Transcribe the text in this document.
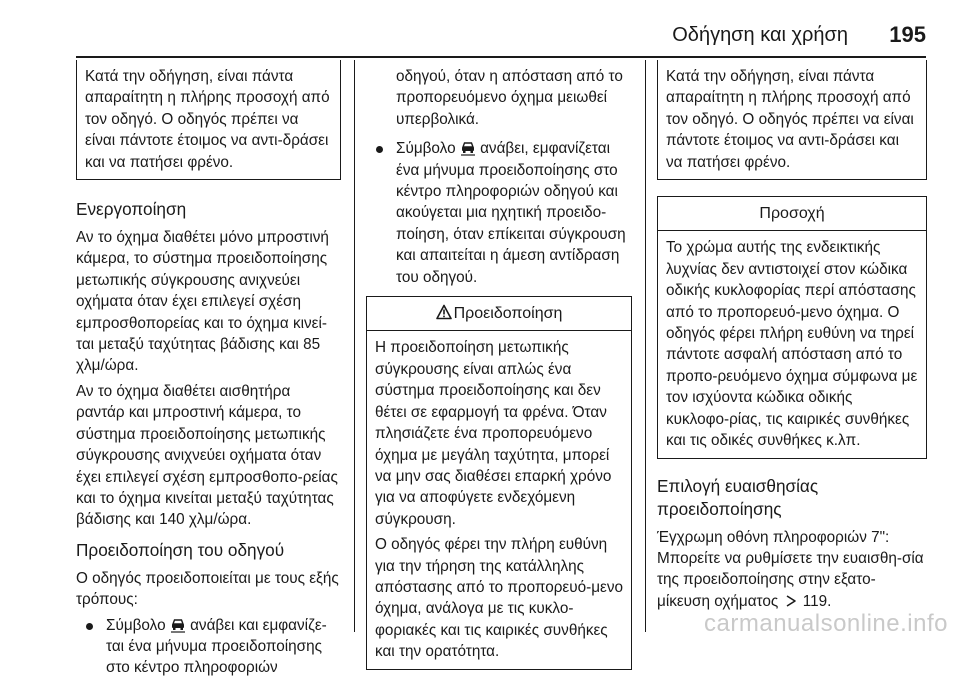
Οδήγηση και χρήση 195
Κατά την οδήγηση, είναι πάντα απαραίτητη η πλήρης προσοχή από τον οδηγό. Ο οδηγός πρέπει να είναι πάντοτε έτοιμος να αντι-δράσει και να πατήσει φρένο.
Ενεργοποίηση

Αν το όχημα διαθέτει μόνο μπροστινή κάμερα, το σύστημα προειδοποίησης μετωπικής σύγκρουσης ανιχνεύει οχήματα όταν έχει επιλεγεί σχέση εμπροσθοπορείας και το όχημα κινεί-ται μεταξύ ταχύτητας βάδισης και 85 χλμ/ώρα.

Αν το όχημα διαθέτει αισθητήρα ραντάρ και μπροστινή κάμερα, το σύστημα προειδοποίησης μετωπικής σύγκρουσης ανιχνεύει οχήματα όταν έχει επιλεγεί σχέση εμπροσθοπο-ρείας και το όχημα κινείται μεταξύ ταχύτητας βάδισης και 140 χλμ/ώρα.

Προειδοποίηση του οδηγού

Ο οδηγός προειδοποιείται με τους εξής τρόπους:

Σύμβολο ανάβει και εμφανίζε-ται ένα μήνυμα προειδοποίησης στο κέντρο πληροφοριών
οδηγού, όταν η απόσταση από το προπορευόμενο όχημα μειωθεί υπερβολικά.
Σύμβολο ανάβει, εμφανίζεται ένα μήνυμα προειδοποίησης στο κέντρο πληροφοριών οδηγού και ακούγεται μια ηχητική προειδο-ποίηση, όταν επίκειται σύγκρουση και απαιτείται η άμεση αντίδραση του οδηγού.
Προειδοποίηση

Η προειδοποίηση μετωπικής σύγκρουσης είναι απλώς ένα σύστημα προειδοποίησης και δεν θέτει σε εφαρμογή τα φρένα. Όταν πλησιάζετε ένα προπορευόμενο όχημα με μεγάλη ταχύτητα, μπορεί να μην σας διαθέσει επαρκή χρόνο για να αποφύγετε ενδεχόμενη σύγκρουση.

Ο οδηγός φέρει την πλήρη ευθύνη για την τήρηση της κατάλληλης απόστασης από το προπορευό-μενο όχημα, ανάλογα με τις κυκλο-φοριακές και τις καιρικές συνθήκες και την ορατότητα.

Κατά την οδήγηση, είναι πάντα απαραίτητη η πλήρης προσοχή από τον οδηγό. Ο οδηγός πρέπει να είναι πάντοτε έτοιμος να αντι-δράσει και να πατήσει φρένο.
Προσοχή
Το χρώμα αυτής της ενδεικτικής λυχνίας δεν αντιστοιχεί στον κώδικα οδικής κυκλοφορίας περί απόστασης από το προπορευό-μενο όχημα. Ο οδηγός φέρει πλήρη ευθύνη να τηρεί πάντοτε ασφαλή απόσταση από το προπο-ρευόμενο όχημα σύμφωνα με τον ισχύοντα κώδικα οδικής κυκλοφο-ρίας, τις καιρικές συνθήκες και τις οδικές συνθήκες κ.λπ.
Επιλογή ευαισθησίας προειδοποίησης

Έγχρωμη οθόνη πληροφοριών 7": Μπορείτε να ρυθμίσετε την ευαισθη-σία της προειδοποίησης στην εξατο-μίκευση οχήματος 119.

carmanualsonline.info
